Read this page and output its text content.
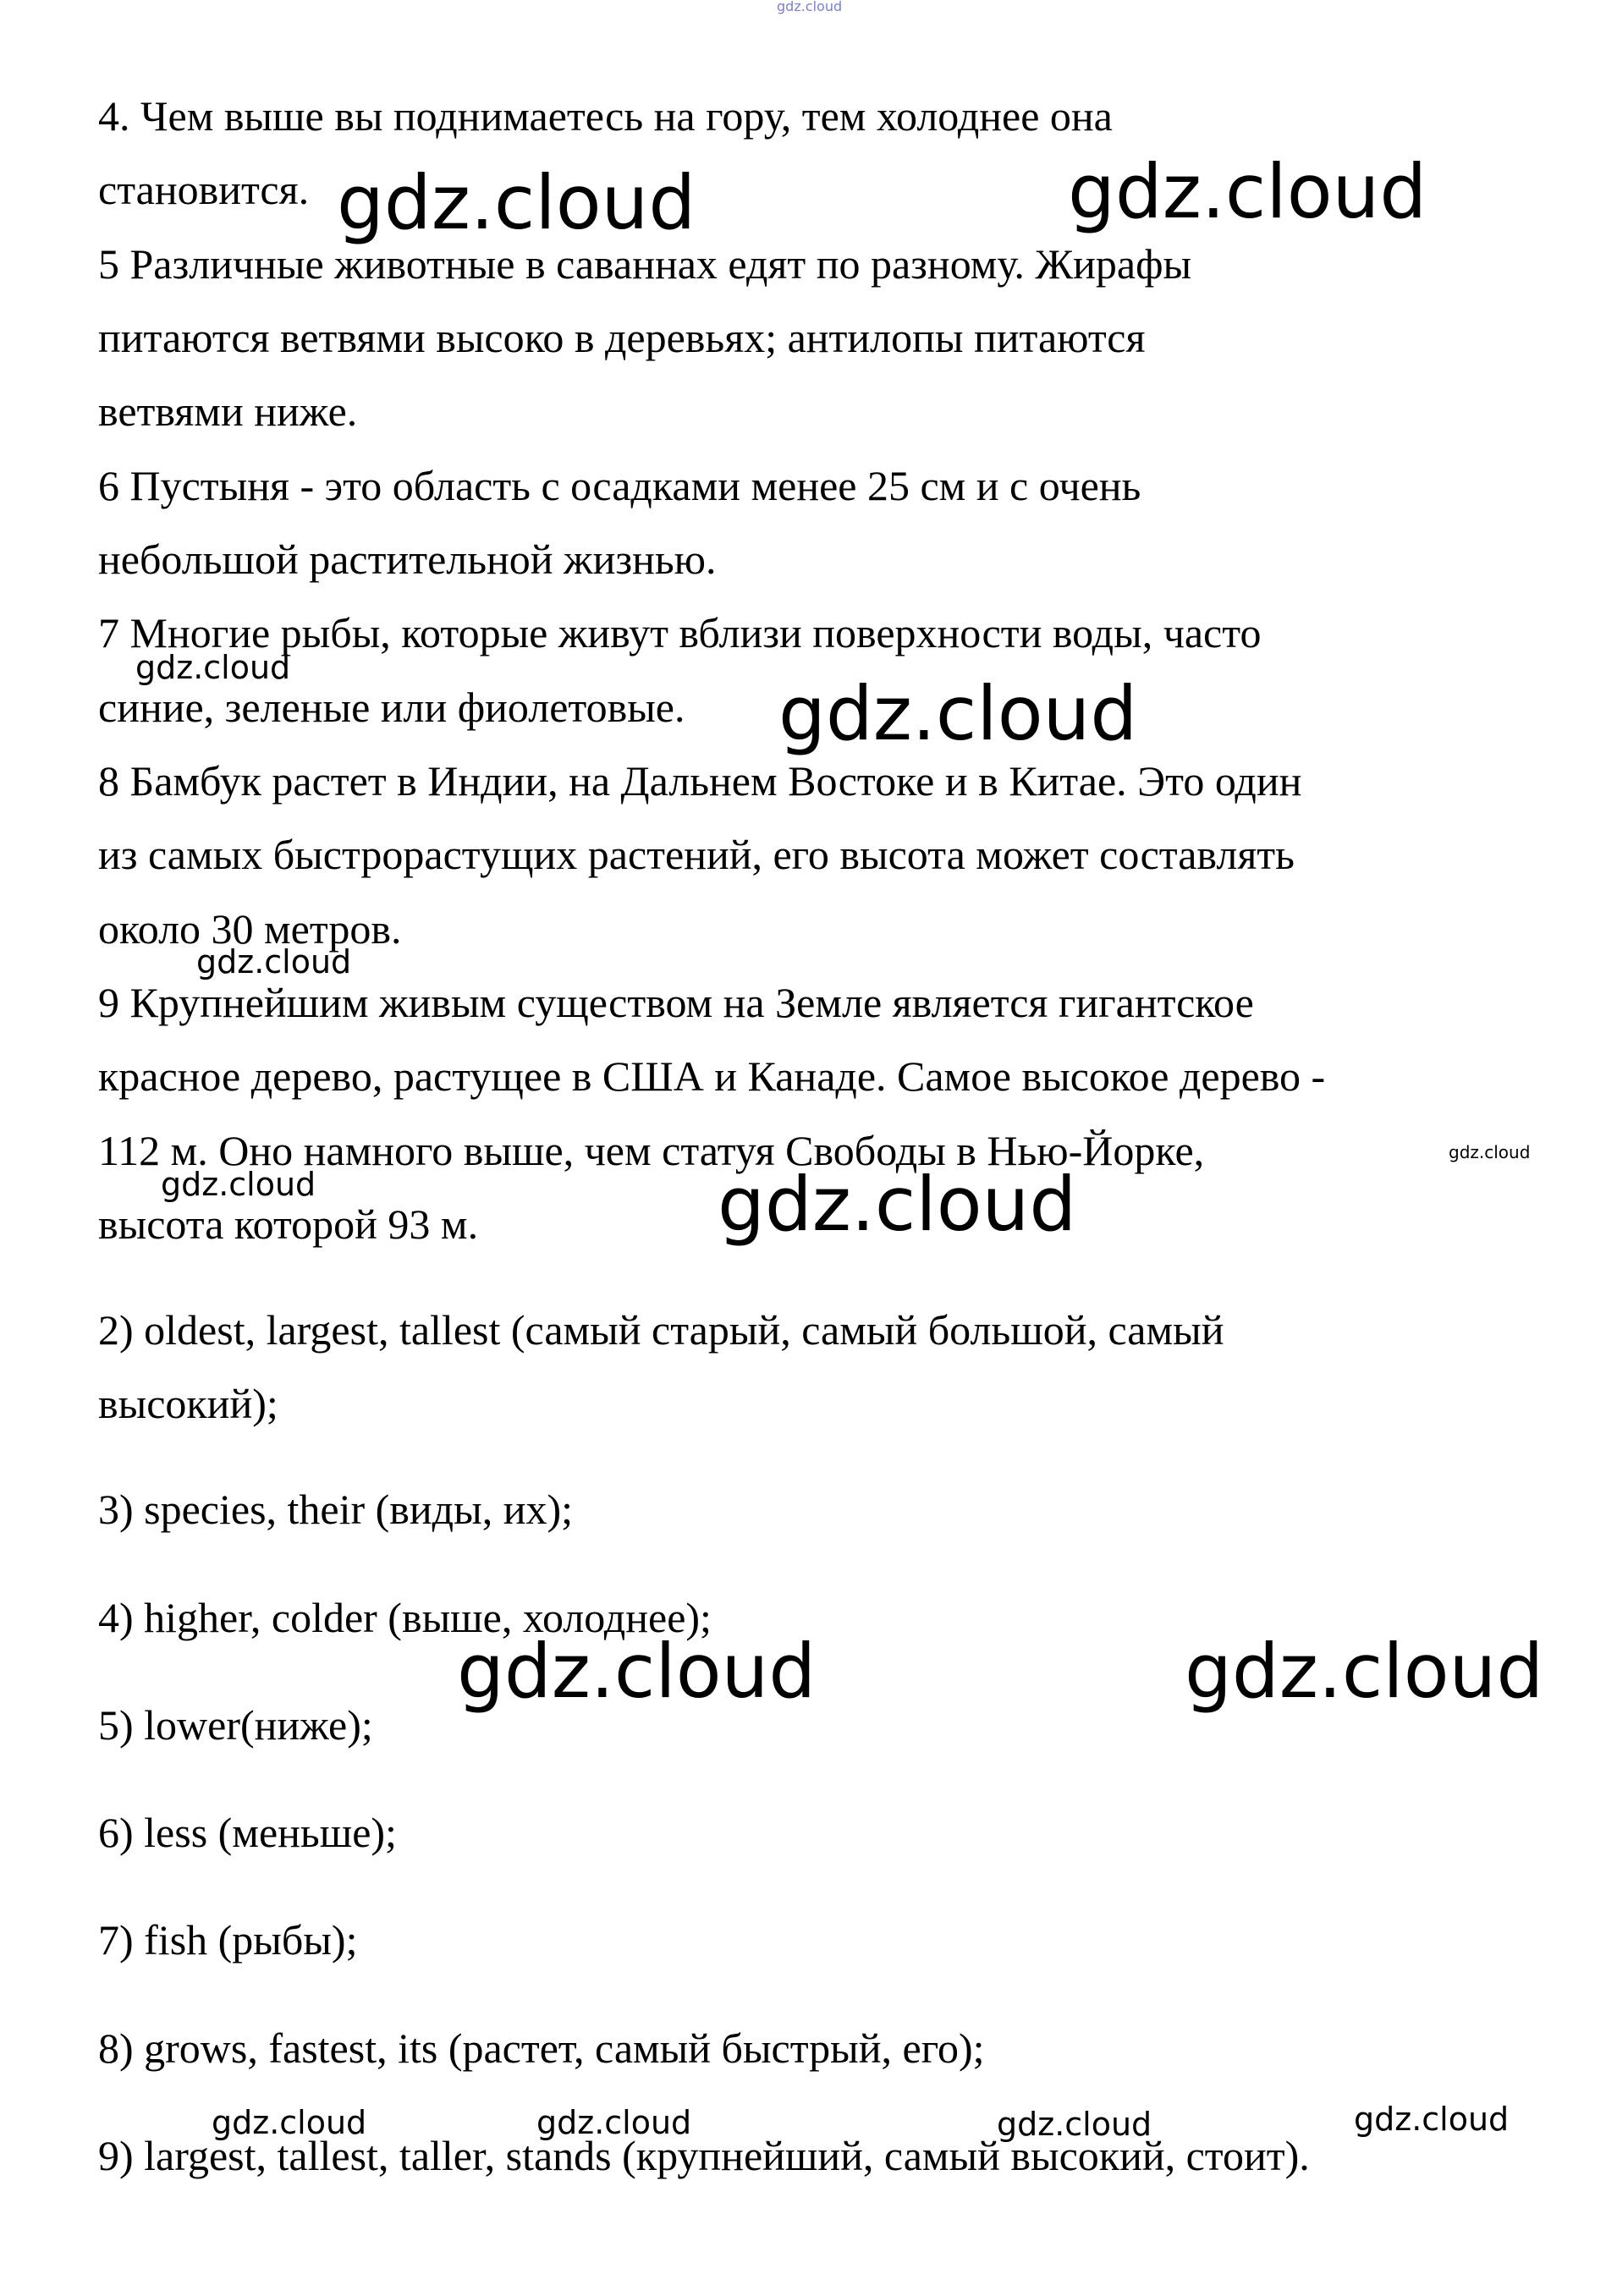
gdz.cloud
4. Чем выше вы поднимаетесь на гору, тем холоднее она
становится.
5 Различные животные в саваннах едят по разному. Жирафы
питаются ветвями высоко в деревьях; антилопы питаются
ветвями ниже.
6 Пустыня - это область с осадками менее 25 см и с очень
небольшой растительной жизнью.
7 Многие рыбы, которые живут вблизи поверхности воды, часто
синие, зеленые или фиолетовые.
8 Бамбук растет в Индии, на Дальнем Востоке и в Китае. Это один
из самых быстрорастущих растений, его высота может составлять
около 30 метров.
9 Крупнейшим живым существом на Земле является гигантское
красное дерево, растущее в США и Канаде. Самое высокое дерево -
112 м. Оно намного выше, чем статуя Свободы в Нью-Йорке,
высота которой 93 м.
2) oldest, largest, tallest (самый старый, самый большой, самый
высокий);
3) species, their (виды, их);
4) higher, colder (выше, холоднее);
5) lower(ниже);
6) less (меньше);
7) fish (рыбы);
8) grows, fastest, its (растет, самый быстрый, его);
9) largest, tallest, taller, stands (крупнейший, самый высокий, стоит).
gdz.cloud	gdz.cloud
gdz.cloud
gdz.cloud
gdz.cloud
gdz.cloud
gdz.cloud	gdz.cloud
gdz.cloud	gdz.cloud
gdz.cloud	gdz.cloud	gdz.cloud	gdz.cloud
